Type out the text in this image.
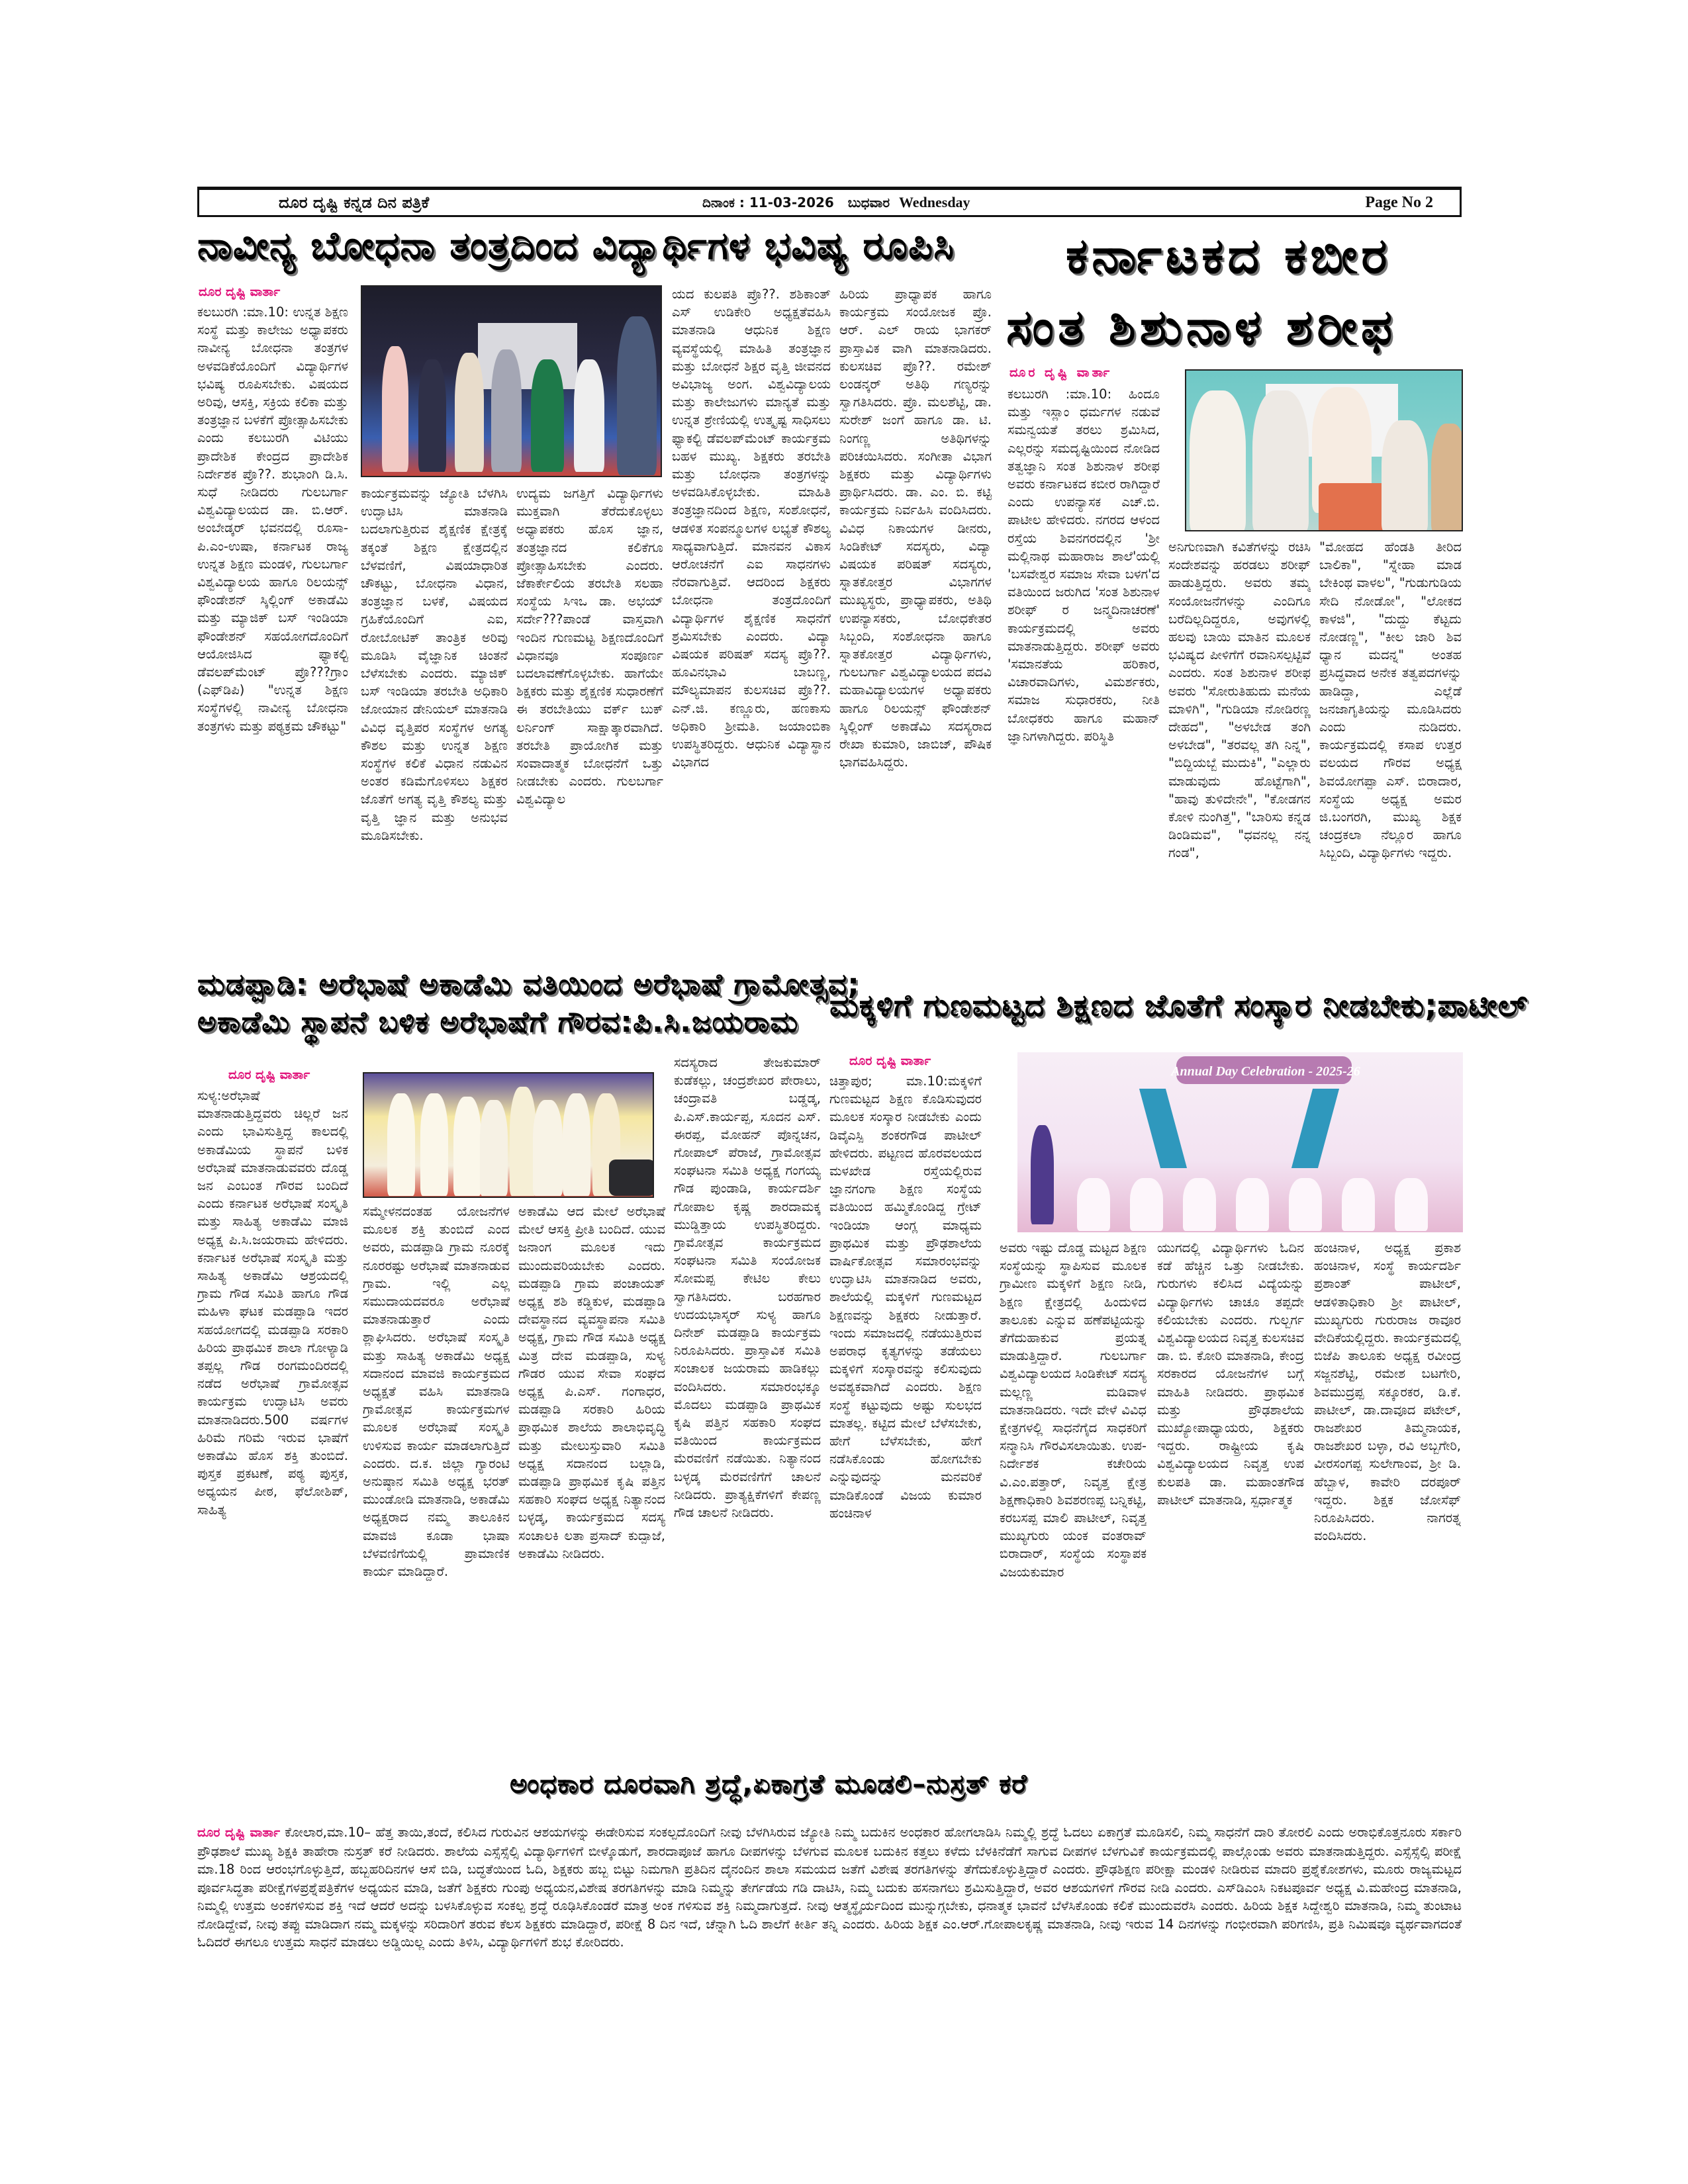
ದೂರ ದೃಷ್ಟಿ ಕನ್ನಡ ದಿನ ಪತ್ರಿಕೆ	ದಿನಾಂಕ : 11-03-2026 ಬುಧವಾರ Wednesday	Page No 2
ನಾವೀನ್ಯ ಬೋಧನಾ ತಂತ್ರದಿಂದ ವಿದ್ಯಾರ್ಥಿಗಳ ಭವಿಷ್ಯ ರೂಪಿಸಿ
ದೂರ ದೃಷ್ಟಿ ವಾರ್ತಾ
ಕಲಬುರಗಿ :ಮಾ.10: ಉನ್ನತ ಶಿಕ್ಷಣ ಸಂಸ್ಥೆ ಮತ್ತು ಕಾಲೇಜು ಅಧ್ಯಾಪಕರು ನಾವೀನ್ಯ ಬೋಧನಾ ತಂತ್ರಗಳ ಅಳವಡಿಕೆಯೊಂದಿಗೆ ವಿದ್ಯಾರ್ಥಿಗಳ ಭವಿಷ್ಯ ರೂಪಿಸಬೇಕು. ವಿಷಯದ ಅರಿವು, ಆಸಕ್ತಿ, ಸಕ್ರಿಯ ಕಲಿಕಾ ಮತ್ತು ತಂತ್ರಜ್ಞಾನ ಬಳಕೆಗೆ ಪ್ರೋತ್ಸಾಹಿಸಬೇಕು ಎಂದು ಕಲಬುರಗಿ ವಿಟಿಯು ಪ್ರಾದೇಶಿಕ ಕೇಂದ್ರದ ಪ್ರಾದೇಶಿಕ ನಿರ್ದೇಶಕ ಪ್ರೊ??. ಶುಭಾಂಗಿ ಡಿ.ಸಿ. ಸುಧೆ ನೀಡಿದರು ಗುಲಬರ್ಗಾ ವಿಶ್ವವಿದ್ಯಾಲಯದ ಡಾ. ಬಿ.ಆರ್. ಅಂಬೇಡ್ಕರ್ ಭವನದಲ್ಲಿ ರೂಸಾ-ಪಿ.ಎಂ-ಉಷಾ, ಕರ್ನಾಟಕ ರಾಜ್ಯ ಉನ್ನತ ಶಿಕ್ಷಣ ಮಂಡಳಿ, ಗುಲಬರ್ಗಾ ವಿಶ್ವವಿದ್ಯಾಲಯ ಹಾಗೂ ರಿಲಯನ್ಸ್ ಫೌಂಡೇಶನ್ ಸ್ಕಿಲ್ಲಿಂಗ್ ಅಕಾಡೆಮಿ ಮತ್ತು ಮ್ಯಾಜಿಕ್ ಬಸ್ ಇಂಡಿಯಾ ಫೌಂಡೇಶನ್ ಸಹಯೋಗದೊಂದಿಗೆ ಆಯೋಜಿಸಿದ ಫ್ಯಾಕಲ್ಟಿ ಡೆವಲಪ್‌ಮೆಂಟ್ ಪ್ರೊ???ಗ್ರಾಂ (ಎಫ್‌ಡಿಪಿ) "ಉನ್ನತ ಶಿಕ್ಷಣ ಸಂಸ್ಥೆಗಳಲ್ಲಿ ನಾವೀನ್ಯ ಬೋಧನಾ ತಂತ್ರಗಳು ಮತ್ತು ಪಠ್ಯಕ್ರಮ ಚೌಕಟ್ಟು"
ಕಾರ್ಯಕ್ರಮವನ್ನು ಜ್ಯೋತಿ ಬೆಳಗಿಸಿ ಉದ್ಘಾಟಿಸಿ ಮಾತನಾಡಿ ಬದಲಾಗುತ್ತಿರುವ ಶೈಕ್ಷಣಿಕ ಕ್ಷೇತ್ರಕ್ಕೆ ತಕ್ಕಂತೆ ಶಿಕ್ಷಣ ಕ್ಷೇತ್ರದಲ್ಲಿನ ಬೆಳವಣಿಗೆ, ವಿಷಯಾಧಾರಿತ ಚೌಕಟ್ಟು, ಬೋಧನಾ ವಿಧಾನ, ತಂತ್ರಜ್ಞಾನ ಬಳಕೆ, ವಿಷಯದ ಗ್ರಹಿಕೆಯೊಂದಿಗೆ ಎಐ, ರೋಬೋಟಿಕ್ ತಾಂತ್ರಿಕ ಅರಿವು ಮೂಡಿಸಿ ವೈಜ್ಞಾನಿಕ ಚಿಂತನೆ ಬೆಳೆಸಬೇಕು ಎಂದರು. ಮ್ಯಾಜಿಕ್ ಬಸ್ ಇಂಡಿಯಾ ತರಬೇತಿ ಅಧಿಕಾರಿ ಜೋಯಾನ ಡೇನಿಯಲ್ ಮಾತನಾಡಿ ವಿವಿಧ ವೃತ್ತಿಪರ ಸಂಸ್ಥೆಗಳ ಅಗತ್ಯ ಕೌಶಲ ಮತ್ತು ಉನ್ನತ ಶಿಕ್ಷಣ ಸಂಸ್ಥೆಗಳ ಕಲಿಕೆ ವಿಧಾನ ನಡುವಿನ ಅಂತರ ಕಡಿಮೆಗೊಳಿಸಲು ಶಿಕ್ಷಕರ ಜೊತೆಗೆ ಅಗತ್ಯ ವೃತ್ತಿ ಕೌಶಲ್ಯ ಮತ್ತು ವೃತ್ತಿ ಜ್ಞಾನ ಮತ್ತು ಅನುಭವ ಮೂಡಿಸಬೇಕು.
ಉದ್ಯಮ ಜಗತ್ತಿಗೆ ವಿದ್ಯಾರ್ಥಿಗಳು ಮುಕ್ತವಾಗಿ ತೆರೆದುಕೊಳ್ಳಲು ಅಧ್ಯಾಪಕರು ಹೊಸ ಜ್ಞಾನ, ತಂತ್ರಜ್ಞಾನದ ಕಲಿಕೆಗೂ ಪ್ರೋತ್ಸಾಹಿಸಬೇಕು ಎಂದರು. ಜೆಕಾರ್ಕೇಲಿಯ ತರಬೇತಿ ಸಲಹಾ ಸಂಸ್ಥೆಯ ಸಿಇಒ ಡಾ. ಅಭಯ್ ಸರ್ದೇ???ಪಾಂಡೆ ವಾಸ್ತವಾಗಿ ಇಂದಿನ ಗುಣಮಟ್ಟ ಶಿಕ್ಷಣದೊಂದಿಗೆ ವಿಧಾನವೂ ಸಂಪೂರ್ಣ ಬದಲಾವಣೆಗೊಳ್ಳಬೇಕು. ಹಾಗೆಯೇ ಶಿಕ್ಷಕರು ಮತ್ತು ಶೈಕ್ಷಣಿಕ ಸುಧಾರಣೆಗೆ ಈ ತರಬೇತಿಯು ವರ್ಕ್ ಬುಕ್ ಲರ್ನಿಂಗ್ ಸಾಕ್ಷಾತ್ಕಾರವಾಗಿದೆ. ತರಬೇತಿ ಪ್ರಾಯೋಗಿಕ ಮತ್ತು ಸಂವಾದಾತ್ಮಕ ಬೋಧನೆಗೆ ಒತ್ತು ನೀಡಬೇಕು ಎಂದರು. ಗುಲಬರ್ಗಾ ವಿಶ್ವವಿದ್ಯಾಲ
ಯದ ಕುಲಪತಿ ಪ್ರೊ??. ಶಶಿಕಾಂತ್ ಎಸ್ ಉಡಿಕೇರಿ ಅಧ್ಯಕ್ಷತೆವಹಿಸಿ ಮಾತನಾಡಿ ಆಧುನಿಕ ಶಿಕ್ಷಣ ವ್ಯವಸ್ಥೆಯಲ್ಲಿ ಮಾಹಿತಿ ತಂತ್ರಜ್ಞಾನ ಮತ್ತು ಬೋಧನೆ ಶಿಕ್ಷರ ವೃತ್ತಿ ಜೀವನದ ಅವಿಭಾಜ್ಯ ಅಂಗ. ವಿಶ್ವವಿದ್ಯಾಲಯ ಮತ್ತು ಕಾಲೇಜುಗಳು ಮಾನ್ಯತೆ ಮತ್ತು ಉನ್ನತ ಶ್ರೇಣಿಯಲ್ಲಿ ಉತ್ಕೃಷ್ಟ ಸಾಧಿಸಲು ಫ್ಯಾಕಲ್ಟಿ ಡೆವಲಪ್‌ಮೆಂಟ್ ಕಾರ್ಯಕ್ರಮ ಬಹಳ ಮುಖ್ಯ. ಶಿಕ್ಷಕರು ತರಬೇತಿ ಮತ್ತು ಬೋಧನಾ ತಂತ್ರಗಳನ್ನು ಅಳವಡಿಸಿಕೊಳ್ಳಬೇಕು. ಮಾಹಿತಿ ತಂತ್ರಜ್ಞಾನದಿಂದ ಶಿಕ್ಷಣ, ಸಂಶೋಧನೆ, ಆಡಳಿತ ಸಂಪನ್ಮೂಲಗಳ ಲಭ್ಯತೆ ಕೌಶಲ್ಯ ಸಾಧ್ಯವಾಗುತ್ತಿದೆ. ಮಾನವನ ವಿಕಾಸ ಆರೋಚನೆಗೆ ಎಐ ಸಾಧನಗಳು ನೆರವಾಗುತ್ತಿವೆ. ಆದರಿಂದ ಶಿಕ್ಷಕರು ಬೋಧನಾ ತಂತ್ರದೊಂದಿಗೆ ವಿದ್ಯಾರ್ಥಿಗಳ ಶೈಕ್ಷಣಿಕ ಸಾಧನೆಗೆ ಶ್ರಮಿಸಬೇಕು ಎಂದರು. ವಿದ್ಯಾ ವಿಷಯಕ ಪರಿಷತ್ ಸದಸ್ಯ ಪ್ರೊ??. ಹೂವಿನಭಾವಿ ಬಾಬಣ್ಣ, ಮೌಲ್ಯಮಾಪನ ಕುಲಸಚಿವ ಪ್ರೊ??. ಎನ್.ಜಿ. ಕಣ್ಣೂರು, ಹಣಕಾಸು ಅಧಿಕಾರಿ ಶ್ರೀಮತಿ. ಜಯಾಂಬಿಕಾ ಉಪಸ್ಥಿತರಿದ್ದರು. ಆಧುನಿಕ ವಿದ್ಯಾಸ್ಥಾನ ವಿಭಾಗದ
ಹಿರಿಯ ಪ್ರಾಧ್ಯಾಪಕ ಹಾಗೂ ಕಾರ್ಯಕ್ರಮ ಸಂಯೋಜಕ ಪ್ರೊ. ಆರ್. ಎಲ್ ರಾಯ ಭಾಗಕರ್ ಪ್ರಾಸ್ತಾವಿಕ ವಾಗಿ ಮಾತನಾಡಿದರು. ಕುಲಸಚಿವ ಪ್ರೊ??. ರಮೇಶ್ ಲಂಡನ್ಕರ್ ಅತಿಥಿ ಗಣ್ಯರನ್ನು ಸ್ವಾಗತಿಸಿದರು. ಪ್ರೊ. ಮಲಶೆಟ್ಟಿ, ಡಾ. ಸುರೇಶ್ ಜಂಗೆ ಹಾಗೂ ಡಾ. ಟಿ. ನಿಂಗಣ್ಣ ಅತಿಥಿಗಳನ್ನು ಪರಿಚಯಿಸಿದರು. ಸಂಗೀತಾ ವಿಭಾಗ ಶಿಕ್ಷಕರು ಮತ್ತು ವಿದ್ಯಾರ್ಥಿಗಳು ಪ್ರಾರ್ಥಿಸಿದರು. ಡಾ. ಎಂ. ಬಿ. ಕಟ್ಟಿ ಕಾರ್ಯಕ್ರಮ ನಿರ್ವಹಿಸಿ ವಂದಿಸಿದರು. ವಿವಿಧ ನಿಕಾಯಗಳ ಡೀನರು, ಸಿಂಡಿಕೇಟ್ ಸದಸ್ಯರು, ವಿದ್ಯಾ ವಿಷಯಕ ಪರಿಷತ್ ಸದಸ್ಯರು, ಸ್ನಾತಕೋತ್ತರ ವಿಭಾಗಗಳ ಮುಖ್ಯಸ್ಥರು, ಪ್ರಾಧ್ಯಾಪಕರು, ಅತಿಥಿ ಉಪನ್ಯಾಸಕರು, ಬೋಧಕೇತರ ಸಿಬ್ಬಂದಿ, ಸಂಶೋಧನಾ ಹಾಗೂ ಸ್ನಾತಕೋತ್ತರ ವಿದ್ಯಾರ್ಥಿಗಳು, ಗುಲಬರ್ಗಾ ವಿಶ್ವವಿದ್ಯಾಲಯದ ಪದವಿ ಮಹಾವಿದ್ಯಾಲಯಗಳ ಅಧ್ಯಾಪಕರು ಹಾಗೂ ರಿಲಯನ್ಸ್ ಫೌಂಡೇಶನ್ ಸ್ಕಿಲ್ಲಿಂಗ್ ಅಕಾಡೆಮಿ ಸದಸ್ಯರಾದ ರೇಖಾ ಕುಮಾರಿ, ಜಾಬಿಜ್, ಪೌಷಿಕ ಭಾಗವಹಿಸಿದ್ದರು.
ಕರ್ನಾಟಕದ ಕಬೀರ
ಸಂತ ಶಿಶುನಾಳ ಶರೀಫ
ದೂರ ದೃಷ್ಟಿ ವಾರ್ತಾ
ಕಲಬುರಗಿ :ಮಾ.10: ಹಿಂದೂ ಮತ್ತು ಇಸ್ಲಾಂ ಧರ್ಮಗಳ ನಡುವೆ ಸಮನ್ವಯತೆ ತರಲು ಶ್ರಮಿಸಿದ, ಎಲ್ಲರನ್ನು ಸಮದೃಷ್ಟಿಯಿಂದ ನೋಡಿದ ತತ್ವಜ್ಞಾನಿ ಸಂತ ಶಿಶುನಾಳ ಶರೀಫ ಅವರು ಕರ್ನಾಟಕದ ಕಬೀರ ರಾಗಿದ್ದಾರೆ ಎಂದು ಉಪನ್ಯಾಸಕ ಎಚ್.ಬಿ. ಪಾಟೀಲ ಹೇಳಿದರು. ನಗರದ ಆಳಂದ ರಸ್ತೆಯ ಶಿವನಗರದಲ್ಲಿನ 'ಶ್ರೀ ಮಲ್ಲಿನಾಥ ಮಹಾರಾಜ ಶಾಲೆ'ಯಲ್ಲಿ 'ಬಸವೇಶ್ವರ ಸಮಾಜ ಸೇವಾ ಬಳಗ'ದ ವತಿಯಿಂದ ಜರುಗಿದ 'ಸಂತ ಶಿಶುನಾಳ ಶರೀಫ್ ರ ಜನ್ಮದಿನಾಚರಣೆ' ಕಾರ್ಯಕ್ರಮದಲ್ಲಿ ಅವರು ಮಾತನಾಡುತ್ತಿದ್ದರು. ಶರೀಫ್ ಅವರು 'ಸಮಾನತೆಯ ಹರಿಕಾರ, ವಿಚಾರವಾದಿಗಳು, ವಿಮರ್ಶಕರು, ಸಮಾಜ ಸುಧಾರಕರು, ನೀತಿ ಬೋಧಕರು ಹಾಗೂ ಮಹಾನ್ ಜ್ಞಾನಿಗಳಾಗಿದ್ದರು. ಪರಿಸ್ಥಿತಿ
ಅನಿಗುಣವಾಗಿ ಕವಿತೆಗಳನ್ನು ರಚಿಸಿ ಸಂದೇಶವನ್ನು ಹರಡಲು ಶರೀಫ್ ಹಾಡುತ್ತಿದ್ದರು. ಅವರು ತಮ್ಮ ಸಂಯೋಜನೆಗಳನ್ನು ಎಂದಿಗೂ ಬರೆದಿಲ್ಲದಿದ್ದರೂ, ಅವುಗಳಲ್ಲಿ ಹಲವು ಬಾಯಿ ಮಾತಿನ ಮೂಲಕ ಭವಿಷ್ಯದ ಪೀಳಿಗೆಗೆ ರವಾನಿಸಲ್ಪಟ್ಟಿವೆ ಎಂದರು. ಸಂತ ಶಿಶುನಾಳ ಶರೀಫ ಅವರು "ಸೋರುತಿಹುದು ಮನೆಯ ಮಾಳಿಗಿ", "ಗುಡಿಯಾ ನೋಡಿರಣ್ಣ ದೇಹದ", "ಅಳಬೇಡ ತಂಗಿ ಅಳಬೇಡ", "ತರವಲ್ಲ ತಗಿ ನಿನ್ನ", "ಬಿದ್ದಿಯಬ್ಬೆ ಮುದುಕಿ", "ಎಲ್ಲಾರು ಮಾಡುವುದು ಹೊಟ್ಟೆಗಾಗಿ", "ಹಾವು ತುಳಿದೇನೇ", "ಕೋಡಗನ ಕೋಳಿ ನುಂಗಿತ್ತ", "ಬಾರಿಸು ಕನ್ನಡ ಡಿಂಡಿಮವ", "ಧವನಲ್ಲ ನನ್ನ ಗಂಡ",
"ಮೋಹದ ಹೆಂಡತಿ ತೀರಿದ ಬಾಲಿಕಾ", "ಸ್ನೇಹಾ ಮಾಡ ಬೇಕಿಂಥ ವಾಳಲ", "ಗುಡುಗುಡಿಯ ಸೇದಿ ನೋಡೋ", "ಲೋಕದ ಕಾಳಜಿ", "ದುದ್ದು ಕೆಟ್ಟದು ನೋಡಣ್ಣ", "ಕೀಲ ಜಾರಿ ಶಿವ ಧ್ಯಾನ ಮದನ್ನ" ಅಂತಹ ಪ್ರಸಿದ್ಧವಾದ ಅನೇಕ ತತ್ವಪದಗಳನ್ನು ಹಾಡಿದ್ದಾ, ಎಲ್ಲೆಡೆ ಜನಜಾಗೃತಿಯನ್ನು ಮೂಡಿಸಿದರು ಎಂದು ನುಡಿದರು. ಕಾರ್ಯಕ್ರಮದಲ್ಲಿ ಕಸಾಪ ಉತ್ತರ ವಲಯದ ಗೌರವ ಅಧ್ಯಕ್ಷ ಶಿವಯೋಗಪ್ಪಾ ಎಸ್. ಬಿರಾದಾರ, ಸಂಸ್ಥೆಯ ಅಧ್ಯಕ್ಷ ಅಮರ ಜಿ.ಬಂಗರಗಿ, ಮುಖ್ಯ ಶಿಕ್ಷಕ ಚಂದ್ರಕಲಾ ನೆಲ್ಲೂರ ಹಾಗೂ ಸಿಬ್ಬಂದಿ, ವಿದ್ಯಾರ್ಥಿಗಳು ಇದ್ದರು.
ಮಡಪ್ಪಾಡಿ: ಅರೆಭಾಷೆ ಅಕಾಡೆಮಿ ವತಿಯಿಂದ ಅರೆಭಾಷೆ ಗ್ರಾಮೋತ್ಸವ;
ಅಕಾಡೆಮಿ ಸ್ಥಾಪನೆ ಬಳಿಕ ಅರೆಭಾಷೆಗೆ ಗೌರವ:ಪಿ.ಸಿ.ಜಯರಾಮ
ದೂರ ದೃಷ್ಟಿ ವಾರ್ತಾ
ಸುಳ್ಯ:ಅರೆಭಾಷೆ ಮಾತನಾಡುತ್ತಿದ್ದವರು ಚಿಲ್ಲರೆ ಜನ ಎಂದು ಭಾವಿಸುತ್ತಿದ್ದ ಕಾಲದಲ್ಲಿ ಅಕಾಡೆಮಿಯ ಸ್ಥಾಪನೆ ಬಳಿಕ ಅರೆಭಾಷೆ ಮಾತನಾಡುವವರು ದೊಡ್ಡ ಜನ ಎಂಬಂತ ಗೌರವ ಬಂದಿದೆ ಎಂದು ಕರ್ನಾಟಕ ಅರೆಭಾಷೆ ಸಂಸ್ಕೃತಿ ಮತ್ತು ಸಾಹಿತ್ಯ ಅಕಾಡೆಮಿ ಮಾಜಿ ಅಧ್ಯಕ್ಷ ಪಿ.ಸಿ.ಜಯರಾಮ ಹೇಳಿದರು. ಕರ್ನಾಟಕ ಅರೆಭಾಷೆ ಸಂಸ್ಕೃತಿ ಮತ್ತು ಸಾಹಿತ್ಯ ಅಕಾಡೆಮಿ ಆಶ್ರಯದಲ್ಲಿ ಗ್ರಾಮ ಗೌಡ ಸಮಿತಿ ಹಾಗೂ ಗೌಡ ಮಹಿಳಾ ಘಟಕ ಮಡಪ್ಪಾಡಿ ಇದರ ಸಹಯೋಗದಲ್ಲಿ ಮಡಪ್ಪಾಡಿ ಸರಕಾರಿ ಹಿರಿಯ ಪ್ರಾಥಮಿಕ ಶಾಲಾ ಗೋಳ್ಯಾಡಿ ತಪ್ಪಲ್ಲ ಗೌಡ ರಂಗಮಂದಿರದಲ್ಲಿ ನಡೆದ ಅರೆಭಾಷೆ ಗ್ರಾಮೋತ್ಸವ ಕಾರ್ಯಕ್ರಮ ಉದ್ಘಾಟಿಸಿ ಅವರು ಮಾತನಾಡಿದರು.500 ವರ್ಷಗಳ ಹಿರಿಮೆ ಗರಿಮೆ ಇರುವ ಭಾಷೆಗೆ ಅಕಾಡೆಮಿ ಹೊಸ ಶಕ್ತಿ ತುಂಬಿದೆ. ಪುಸ್ತಕ ಪ್ರಕಟಣೆ, ಪಠ್ಯ ಪುಸ್ತಕ, ಅಧ್ಯಯನ ಪೀಠ, ಫೆಲೋಶಿಪ್, ಸಾಹಿತ್ಯ
ಸಮ್ಮೇಳನದಂತಹ ಯೋಜನೆಗಳ ಮೂಲಕ ಶಕ್ತಿ ತುಂಬಿದೆ ಎಂದ ಅವರು, ಮಡಪ್ಪಾಡಿ ಗ್ರಾಮ ನೂರಕ್ಕೆ ನೂರರಷ್ಟು ಅರೆಭಾಷೆ ಮಾತನಾಡುವ ಗ್ರಾಮ. ಇಲ್ಲಿ ಎಲ್ಲ ಸಮುದಾಯದವರೂ ಅರೆಭಾಷೆ ಮಾತನಾಡುತ್ತಾರೆ ಎಂದು ಶ್ಲಾಘಿಸಿದರು. ಅರೆಭಾಷೆ ಸಂಸ್ಕೃತಿ ಮತ್ತು ಸಾಹಿತ್ಯ ಅಕಾಡೆಮಿ ಅಧ್ಯಕ್ಷ ಸದಾನಂದ ಮಾವಜಿ ಕಾರ್ಯಕ್ರಮದ ಅಧ್ಯಕ್ಷತೆ ವಹಿಸಿ ಮಾತನಾಡಿ ಗ್ರಾಮೋತ್ಸವ ಕಾರ್ಯಕ್ರಮಗಳ ಮೂಲಕ ಅರೆಭಾಷೆ ಸಂಸ್ಕೃತಿ ಉಳಿಸುವ ಕಾರ್ಯ ಮಾಡಲಾಗುತ್ತಿದೆ ಎಂದರು. ದ.ಕ. ಜಿಲ್ಲಾ ಗ್ಯಾರಂಟಿ ಅನುಷ್ಠಾನ ಸಮಿತಿ ಅಧ್ಯಕ್ಷ ಭರತ್ ಮುಂಡೋಡಿ ಮಾತನಾಡಿ, ಅಕಾಡೆಮಿ ಅಧ್ಯಕ್ಷರಾದ ನಮ್ಮ ತಾಲೂಕಿನ ಮಾವಜಿ ಕೂಡಾ ಭಾಷಾ ಬೆಳವಣಿಗೆಯಲ್ಲಿ ಪ್ರಾಮಾಣಿಕ ಕಾರ್ಯ ಮಾಡಿದ್ದಾರೆ.
ಅಕಾಡೆಮಿ ಆದ ಮೇಲೆ ಅರೆಭಾಷೆ ಮೇಲೆ ಆಸಕ್ತಿ ಪ್ರೀತಿ ಬಂದಿದೆ. ಯುವ ಜನಾಂಗ ಮೂಲಕ ಇದು ಮುಂದುವರಿಯಬೇಕು ಎಂದರು. ಮಡಪ್ಪಾಡಿ ಗ್ರಾಮ ಪಂಚಾಯತ್ ಅಧ್ಯಕ್ಷ ಶಶಿ ಕಡ್ಡಿಕುಳ, ಮಡಪ್ಪಾಡಿ ದೇವಸ್ಥಾನದ ವ್ಯವಸ್ಥಾಪನಾ ಸಮಿತಿ ಅಧ್ಯಕ್ಷ, ಗ್ರಾಮ ಗೌಡ ಸಮಿತಿ ಅಧ್ಯಕ್ಷ ಮಿತ್ರ ದೇವ ಮಡಪ್ಪಾಡಿ, ಸುಳ್ಯ ಗೌಡರ ಯುವ ಸೇವಾ ಸಂಘದ ಅಧ್ಯಕ್ಷ ಪಿ.ಎಸ್. ಗಂಗಾಧರ, ಮಡಪ್ಪಾಡಿ ಸರಕಾರಿ ಹಿರಿಯ ಪ್ರಾಥಮಿಕ ಶಾಲೆಯ ಶಾಲಾಭಿವೃದ್ಧಿ ಮತ್ತು ಮೇಲುಸ್ತುವಾರಿ ಸಮಿತಿ ಅಧ್ಯಕ್ಷ ಸದಾನಂದ ಬಲ್ಲಾಡಿ, ಮಡಪ್ಪಾಡಿ ಪ್ರಾಥಮಿಕ ಕೃಷಿ ಪತ್ತಿನ ಸಹಕಾರಿ ಸಂಘದ ಅಧ್ಯಕ್ಷ ನಿತ್ಯಾನಂದ ಬಳ್ಳಡ್ಕ, ಕಾರ್ಯಕ್ರಮದ ಸದಸ್ಯ ಸಂಚಾಲಕಿ ಲತಾ ಪ್ರಸಾದ್ ಕುದ್ಪಾಜೆ, ಅಕಾಡೆಮಿ ನೀಡಿದರು.
ಸದಸ್ಯರಾದ ತೇಜಕುಮಾರ್ ಕುಡೆಕಲ್ಲು, ಚಂದ್ರಶೇಖರ ಪೇರಾಲು, ಚಂದ್ರಾವತಿ ಬಡ್ಡಡ್ಕ, ಪಿ.ಎಸ್.ಕಾರ್ಯಪ್ಪ, ಸೂದನ ಎಸ್. ಈರಪ್ಪ, ಮೋಹನ್ ಪೊನ್ನಚನ, ಗೋಪಾಲ್ ಪೆರಾಜೆ, ಗ್ರಾಮೋತ್ಸವ ಸಂಘಟನಾ ಸಮಿತಿ ಅಧ್ಯಕ್ಷ ಗಂಗಯ್ಯ ಗೌಡ ಪುಂಡಾಡಿ, ಕಾರ್ಯದರ್ಶಿ ಗೋಪಾಲ ಕೃಷ್ಣ ಶಾರದಾಮಕ್ಕ ಮುಡ್ಡಿತ್ತಾಯ ಉಪಸ್ಥಿತರಿದ್ದರು. ಗ್ರಾಮೋತ್ಸವ ಕಾರ್ಯಕ್ರಮದ ಸಂಘಟನಾ ಸಮಿತಿ ಸಂಯೋಜಕ ಸೋಮಪ್ಪ ಕೇಟಿಲ ಕೇಲು ಸ್ವಾಗತಿಸಿದರು. ಬರಹಗಾರ ಉದಯಭಾಸ್ಕರ್ ಸುಳ್ಯ ಹಾಗೂ ದಿನೇಶ್ ಮಡಪ್ಪಾಡಿ ಕಾರ್ಯಕ್ರಮ ನಿರೂಪಿಸಿದರು. ಪ್ರಾಸ್ತಾವಿಕ ಸಮಿತಿ ಸಂಚಾಲಕ ಜಯರಾಮ ಹಾಡಿಕಲ್ಲು ವಂದಿಸಿದರು. ಸಮಾರಂಭಕ್ಕೂ ಮೊದಲು ಮಡಪ್ಪಾಡಿ ಪ್ರಾಥಮಿಕ ಕೃಷಿ ಪತ್ತಿನ ಸಹಕಾರಿ ಸಂಘದ ವತಿಯಿಂದ ಕಾರ್ಯಕ್ರಮದ ಮೆರವಣಿಗೆ ನಡೆಯಿತು. ನಿತ್ಯಾನಂದ ಬಳ್ಳಡ್ಕ ಮೆರವಣಿಗೆಗೆ ಚಾಲನೆ ನೀಡಿದರು. ಪ್ರಾತ್ಯಕ್ಷಿಕೆಗಳಿಗೆ ಕೇಪಣ್ಣ ಗೌಡ ಚಾಲನೆ ನೀಡಿದರು.
ಮಕ್ಕಳಿಗೆ ಗುಣಮಟ್ಟದ ಶಿಕ್ಷಣದ ಜೊತೆಗೆ ಸಂಸ್ಕಾರ ನೀಡಬೇಕು;ಪಾಟೀಲ್
ದೂರ ದೃಷ್ಟಿ ವಾರ್ತಾ
ಚಿತ್ತಾಪುರ; ಮಾ.10:ಮಕ್ಕಳಿಗೆ ಗುಣಮಟ್ಟದ ಶಿಕ್ಷಣ ಕೊಡಿಸುವುದರ ಮೂಲಕ ಸಂಸ್ಕಾರ ನೀಡಬೇಕು ಎಂದು ಡಿವೈಎಸ್ಪಿ ಶಂಕರಗೌಡ ಪಾಟೀಲ್ ಹೇಳಿದರು. ಪಟ್ಟಣದ ಹೊರವಲಯದ ಮಳಖೇಡ ರಸ್ತೆಯಲ್ಲಿರುವ ಜ್ಞಾನಗಂಗಾ ಶಿಕ್ಷಣ ಸಂಸ್ಥೆಯ ವತಿಯಿಂದ ಹಮ್ಮಿಕೊಂಡಿದ್ದ ಗ್ರೇಟ್ ಇಂಡಿಯಾ ಆಂಗ್ಲ ಮಾಧ್ಯಮ ಪ್ರಾಥಮಿಕ ಮತ್ತು ಪ್ರೌಢಶಾಲೆಯ ವಾರ್ಷಿಕೋತ್ಸವ ಸಮಾರಂಭವನ್ನು ಉದ್ಘಾಟಿಸಿ ಮಾತನಾಡಿದ ಅವರು, ಶಾಲೆಯಲ್ಲಿ ಮಕ್ಕಳಿಗೆ ಗುಣಮಟ್ಟದ ಶಿಕ್ಷಣವನ್ನು ಶಿಕ್ಷಕರು ನೀಡುತ್ತಾರೆ. ಇಂದು ಸಮಾಜದಲ್ಲಿ ನಡೆಯುತ್ತಿರುವ ಅಪರಾಧ ಕೃತ್ಯಗಳನ್ನು ತಡೆಯಲು ಮಕ್ಕಳಿಗೆ ಸಂಸ್ಕಾರವನ್ನು ಕಲಿಸುವುದು ಅವಶ್ಯಕವಾಗಿದೆ ಎಂದರು. ಶಿಕ್ಷಣ ಸಂಸ್ಥೆ ಕಟ್ಟುವುದು ಅಷ್ಟು ಸುಲಭದ ಮಾತಲ್ಲ. ಕಟ್ಟಿದ ಮೇಲೆ ಬೆಳೆಸಬೇಕು, ಹೇಗೆ ಬೆಳೆಸಬೇಕು, ಹೇಗೆ ನಡೆಸಿಕೊಂಡು ಹೋಗಬೇಕು ಎನ್ನುವುದನ್ನು ಮನವರಿಕೆ ಮಾಡಿಕೊಂಡೆ ವಿಜಯ ಕುಮಾರ ಹಂಚಿನಾಳ
Annual Day Celebration - 2025-26
ಅವರು ಇಷ್ಟು ದೊಡ್ಡ ಮಟ್ಟದ ಶಿಕ್ಷಣ ಸಂಸ್ಥೆಯನ್ನು ಸ್ಥಾಪಿಸುವ ಮೂಲಕ ಗ್ರಾಮೀಣ ಮಕ್ಕಳಿಗೆ ಶಿಕ್ಷಣ ನೀಡಿ, ಶಿಕ್ಷಣ ಕ್ಷೇತ್ರದಲ್ಲಿ ಹಿಂದುಳಿದ ತಾಲೂಕು ಎನ್ನುವ ಹಣೆಪಟ್ಟಿಯನ್ನು ತೆಗೆದುಹಾಕುವ ಪ್ರಯತ್ನ ಮಾಡುತ್ತಿದ್ದಾರೆ. ಗುಲಬರ್ಗಾ ವಿಶ್ವವಿದ್ಯಾಲಯದ ಸಿಂಡಿಕೇಟ್ ಸದಸ್ಯ ಮಲ್ಲಣ್ಣ ಮಡಿವಾಳ ಮಾತನಾಡಿದರು. ಇದೇ ವೇಳೆ ವಿವಿಧ ಕ್ಷೇತ್ರಗಳಲ್ಲಿ ಸಾಧನೆಗೈದ ಸಾಧಕರಿಗೆ ಸನ್ಮಾನಿಸಿ ಗೌರವಿಸಲಾಯಿತು. ಉಪ-ನಿರ್ದೇಶಕ ಕಚೇರಿಯ ವಿ.ಎಂ.ಪತ್ತಾರ್, ನಿವೃತ್ತ ಕ್ಷೇತ್ರ ಶಿಕ್ಷಣಾಧಿಕಾರಿ ಶಿವಶರಣಪ್ಪ ಬನ್ನಿಕಟ್ಟಿ, ಕರಬಸಪ್ಪ ಮಾಲಿ ಪಾಟೀಲ್, ನಿವೃತ್ತ ಮುಖ್ಯಗುರು ಯಂಕ ವಂತರಾವ್ ಬಿರಾದಾರ್, ಸಂಸ್ಥೆಯ ಸಂಸ್ಥಾಪಕ ವಿಜಯಕುಮಾರ
ಯುಗದಲ್ಲಿ ವಿದ್ಯಾರ್ಥಿಗಳು ಓದಿನ ಕಡೆ ಹೆಚ್ಚಿನ ಒತ್ತು ನೀಡಬೇಕು. ಗುರುಗಳು ಕಲಿಸಿದ ವಿದ್ಯೆಯನ್ನು ವಿದ್ಯಾರ್ಥಿಗಳು ಚಾಚೂ ತಪ್ಪದೇ ಕಲಿಯಬೇಕು ಎಂದರು. ಗುಲ್ಬರ್ಗ ವಿಶ್ವವಿದ್ಯಾಲಯದ ನಿವೃತ್ತ ಕುಲಸಚಿವ ಡಾ. ಬಿ. ಕೋರಿ ಮಾತನಾಡಿ, ಕೇಂದ್ರ ಸರಕಾರದ ಯೋಜನೆಗಳ ಬಗ್ಗೆ ಮಾಹಿತಿ ನೀಡಿದರು. ಪ್ರಾಥಮಿಕ ಮತ್ತು ಪ್ರೌಢಶಾಲೆಯ ಮುಖ್ಯೋಪಾಧ್ಯಾಯರು, ಶಿಕ್ಷಕರು ಇದ್ದರು. ರಾಷ್ಟ್ರೀಯ ಕೃಷಿ ವಿಶ್ವವಿದ್ಯಾಲಯದ ನಿವೃತ್ತ ಉಪ ಕುಲಪತಿ ಡಾ. ಮಹಾಂತಗೌಡ ಪಾಟೀಲ್ ಮಾತನಾಡಿ, ಸ್ಪರ್ಧಾತ್ಮಕ
ಹಂಚಿನಾಳ, ಅಧ್ಯಕ್ಷ ಪ್ರಕಾಶ ಹಂಚಿನಾಳ, ಸಂಸ್ಥೆ ಕಾರ್ಯದರ್ಶಿ ಪ್ರಶಾಂತ್ ಪಾಟೀಲ್, ಆಡಳಿತಾಧಿಕಾರಿ ಶ್ರೀ ಪಾಟೀಲ್, ಮುಖ್ಯಗುರು ಗುರುರಾಜ ರಾವೂರ ವೇದಿಕೆಯಲ್ಲಿದ್ದರು. ಕಾರ್ಯಕ್ರಮದಲ್ಲಿ ಬಿಜೆಪಿ ತಾಲೂಕು ಅಧ್ಯಕ್ಷ ರವೀಂದ್ರ ಸಜ್ಜನಶೆಟ್ಟಿ, ರಮೇಶ ಬಟಗೇರಿ, ಶಿವಮುದ್ರಪ್ಪ ಸಕ್ಕೂರಕರ, ಡಿ.ಕೆ. ಪಾಟೀಲ್, ಡಾ.ದಾವೂದ ಪಟೇಲ್, ರಾಜಶೇಖರ ತಿಮ್ಮನಾಯಕ, ರಾಜಶೇಖರ ಬಳ್ಳಾ, ರವಿ ಅಬ್ಬಗೇರಿ, ವೀರಸಂಗಪ್ಪ ಸುಲೇಗಾಂವ, ಶ್ರೀ ಡಿ. ಹೆಬ್ಬಾಳ, ಕಾವೇರಿ ದರಪೂರ್ ಇದ್ದರು. ಶಿಕ್ಷಕ ಜೋಸೆಫ್ ನಿರೂಪಿಸಿದರು. ನಾಗರತ್ನ ವಂದಿಸಿದರು.
ಅಂಧಕಾರ ದೂರವಾಗಿ ಶ್ರದ್ಧೆ,ಏಕಾಗ್ರತೆ ಮೂಡಲಿ–ನುಸ್ರತ್ ಕರೆ
ದೂರ ದೃಷ್ಟಿ ವಾರ್ತಾ ಕೋಲಾರ,ಮಾ.10– ಹೆತ್ತ ತಾಯಿ,ತಂದೆ, ಕಲಿಸಿದ ಗುರುವಿನ ಆಶಯಗಳನ್ನು ಈಡೇರಿಸುವ ಸಂಕಲ್ಪದೊಂದಿಗೆ ನೀವು ಬೆಳಗಿಸಿರುವ ಜ್ಯೋತಿ ನಿಮ್ಮ ಬದುಕಿನ ಅಂಧಕಾರ ಹೋಗಲಾಡಿಸಿ ನಿಮ್ಮಲ್ಲಿ ಶ್ರದ್ಧೆ ಓದಲು ಏಕಾಗ್ರತೆ ಮೂಡಿಸಲಿ, ನಿಮ್ಮ ಸಾಧನೆಗೆ ದಾರಿ ತೋರಲಿ ಎಂದು ಅರಾಭಿಕೊತ್ತನೂರು ಸರ್ಕಾರಿ ಪ್ರೌಢಶಾಲೆ ಮುಖ್ಯ ಶಿಕ್ಷಕಿ ತಾಹೇರಾ ನುಸ್ರತ್ ಕರೆ ನೀಡಿದರು. ಶಾಲೆಯ ಎಸ್ಸೆಸ್ಸೆಲ್ಸಿ ವಿದ್ಯಾರ್ಥಿಗಳಿಗೆ ಬೀಳ್ಕೊಡುಗೆ, ಶಾರದಾಪೂಜೆ ಹಾಗೂ ದೀಪಗಳನ್ನು ಬೆಳಗುವ ಮೂಲಕ ಬದುಕಿನ ಕತ್ತಲು ಕಳೆದು ಬೆಳಕಿನೆಡೆಗೆ ಸಾಗುವ ದೀಪಗಳ ಬೆಳಗುವಿಕೆ ಕಾರ್ಯಕ್ರಮದಲ್ಲಿ ಪಾಲ್ಗೊಂಡು ಅವರು ಮಾತನಾಡುತ್ತಿದ್ದರು. ಎಸ್ಸೆಸ್ಸೆಲ್ಸಿ ಪರೀಕ್ಷೆ ಮಾ.18 ರಿಂದ ಆರಂಭಗೊಳ್ಳುತ್ತಿದೆ, ಹಬ್ಬಹರಿದಿನಗಳ ಆಸೆ ಬಿಡಿ, ಬದ್ಧತೆಯಿಂದ ಓದಿ, ಶಿಕ್ಷಕರು ಹಬ್ಬ ಬಿಟ್ಟು ನಿಮಗಾಗಿ ಪ್ರತಿದಿನ ದೈನಂದಿನ ಶಾಲಾ ಸಮಯದ ಜತೆಗೆ ವಿಶೇಷ ತರಗತಿಗಳನ್ನು ತೆಗೆದುಕೊಳ್ಳುತ್ತಿದ್ದಾರೆ ಎಂದರು. ಪ್ರೌಢಶಿಕ್ಷಣ ಪರೀಕ್ಷಾ ಮಂಡಳಿ ನೀಡಿರುವ ಮಾದರಿ ಪ್ರಶ್ನೆಕೋಶಗಳು, ಮೂರು ರಾಜ್ಯಮಟ್ಟದ ಪೂರ್ವಸಿದ್ಧತಾ ಪರೀಕ್ಷೆಗಳಪ್ರಶ್ನೆಪತ್ರಿಕೆಗಳ ಅಧ್ಯಯನ ಮಾಡಿ, ಜತೆಗೆ ಶಿಕ್ಷಕರು ಗುಂಪು ಅಧ್ಯಯನ,ವಿಶೇಷ ತರಗತಿಗಳನ್ನು ಮಾಡಿ ನಿಮ್ಮನ್ನು ತೇರ್ಗಡೆಯ ಗಡಿ ದಾಟಿಸಿ, ನಿಮ್ಮ ಬದುಕು ಹಸನಾಗಲು ಶ್ರಮಿಸುತ್ತಿದ್ದಾರೆ, ಅವರ ಆಶಯಗಳಿಗೆ ಗೌರವ ನೀಡಿ ಎಂದರು. ಎಸ್‌ಡಿಎಂಸಿ ನಿಕಟಪೂರ್ವ ಅಧ್ಯಕ್ಷ ವಿ.ಮಹೇಂದ್ರ ಮಾತನಾಡಿ, ನಿಮ್ಮಲ್ಲಿ ಉತ್ತಮ ಅಂಕಗಳಿಸುವ ಶಕ್ತಿ ಇದೆ ಆದರೆ ಅದನ್ನು ಬಳಸಿಕೊಳ್ಳುವ ಸಂಕಲ್ಪ ಶ್ರದ್ಧೆ ರೂಢಿಸಿಕೊಂಡರೆ ಮಾತ್ರ ಅಂಕ ಗಳಿಸುವ ಶಕ್ತಿ ನಿಮ್ಮದಾಗುತ್ತದೆ. ನೀವು ಆತ್ಮಸ್ಥೈರ್ಯದಿಂದ ಮುನ್ನುಗ್ಗಬೇಕು, ಧನಾತ್ಮಕ ಭಾವನೆ ಬೆಳೆಸಿಕೊಂಡು ಕಲಿಕೆ ಮುಂದುವರೆಸಿ ಎಂದರು. ಹಿರಿಯ ಶಿಕ್ಷಕ ಸಿದ್ದೇಶ್ವರಿ ಮಾತನಾಡಿ, ನಿಮ್ಮ ತುಂಟಾಟ ನೋಡಿದ್ದೇವೆ, ನೀವು ತಪ್ಪು ಮಾಡಿದಾಗ ನಮ್ಮ ಮಕ್ಕಳನ್ನು ಸರಿದಾರಿಗೆ ತರುವ ಕೆಲಸ ಶಿಕ್ಷಕರು ಮಾಡಿದ್ದಾರೆ, ಪರೀಕ್ಷೆ 8 ದಿನ ಇದೆ, ಚೆನ್ನಾಗಿ ಓದಿ ಶಾಲೆಗೆ ಕೀರ್ತಿ ತನ್ನಿ ಎಂದರು. ಹಿರಿಯ ಶಿಕ್ಷಕ ಎಂ.ಆರ್.ಗೋಪಾಲಕೃಷ್ಣ ಮಾತನಾಡಿ, ನೀವು ಇರುವ 14 ದಿನಗಳನ್ನು ಗಂಭೀರವಾಗಿ ಪರಿಗಣಿಸಿ, ಪ್ರತಿ ನಿಮಿಷವೂ ವ್ಯರ್ಥವಾಗದಂತೆ ಓದಿದರೆ ಈಗಲೂ ಉತ್ತಮ ಸಾಧನೆ ಮಾಡಲು ಅಡ್ಡಿಯಿಲ್ಲ ಎಂದು ತಿಳಿಸಿ, ವಿದ್ಯಾರ್ಥಿಗಳಿಗೆ ಶುಭ ಕೋರಿದರು.
